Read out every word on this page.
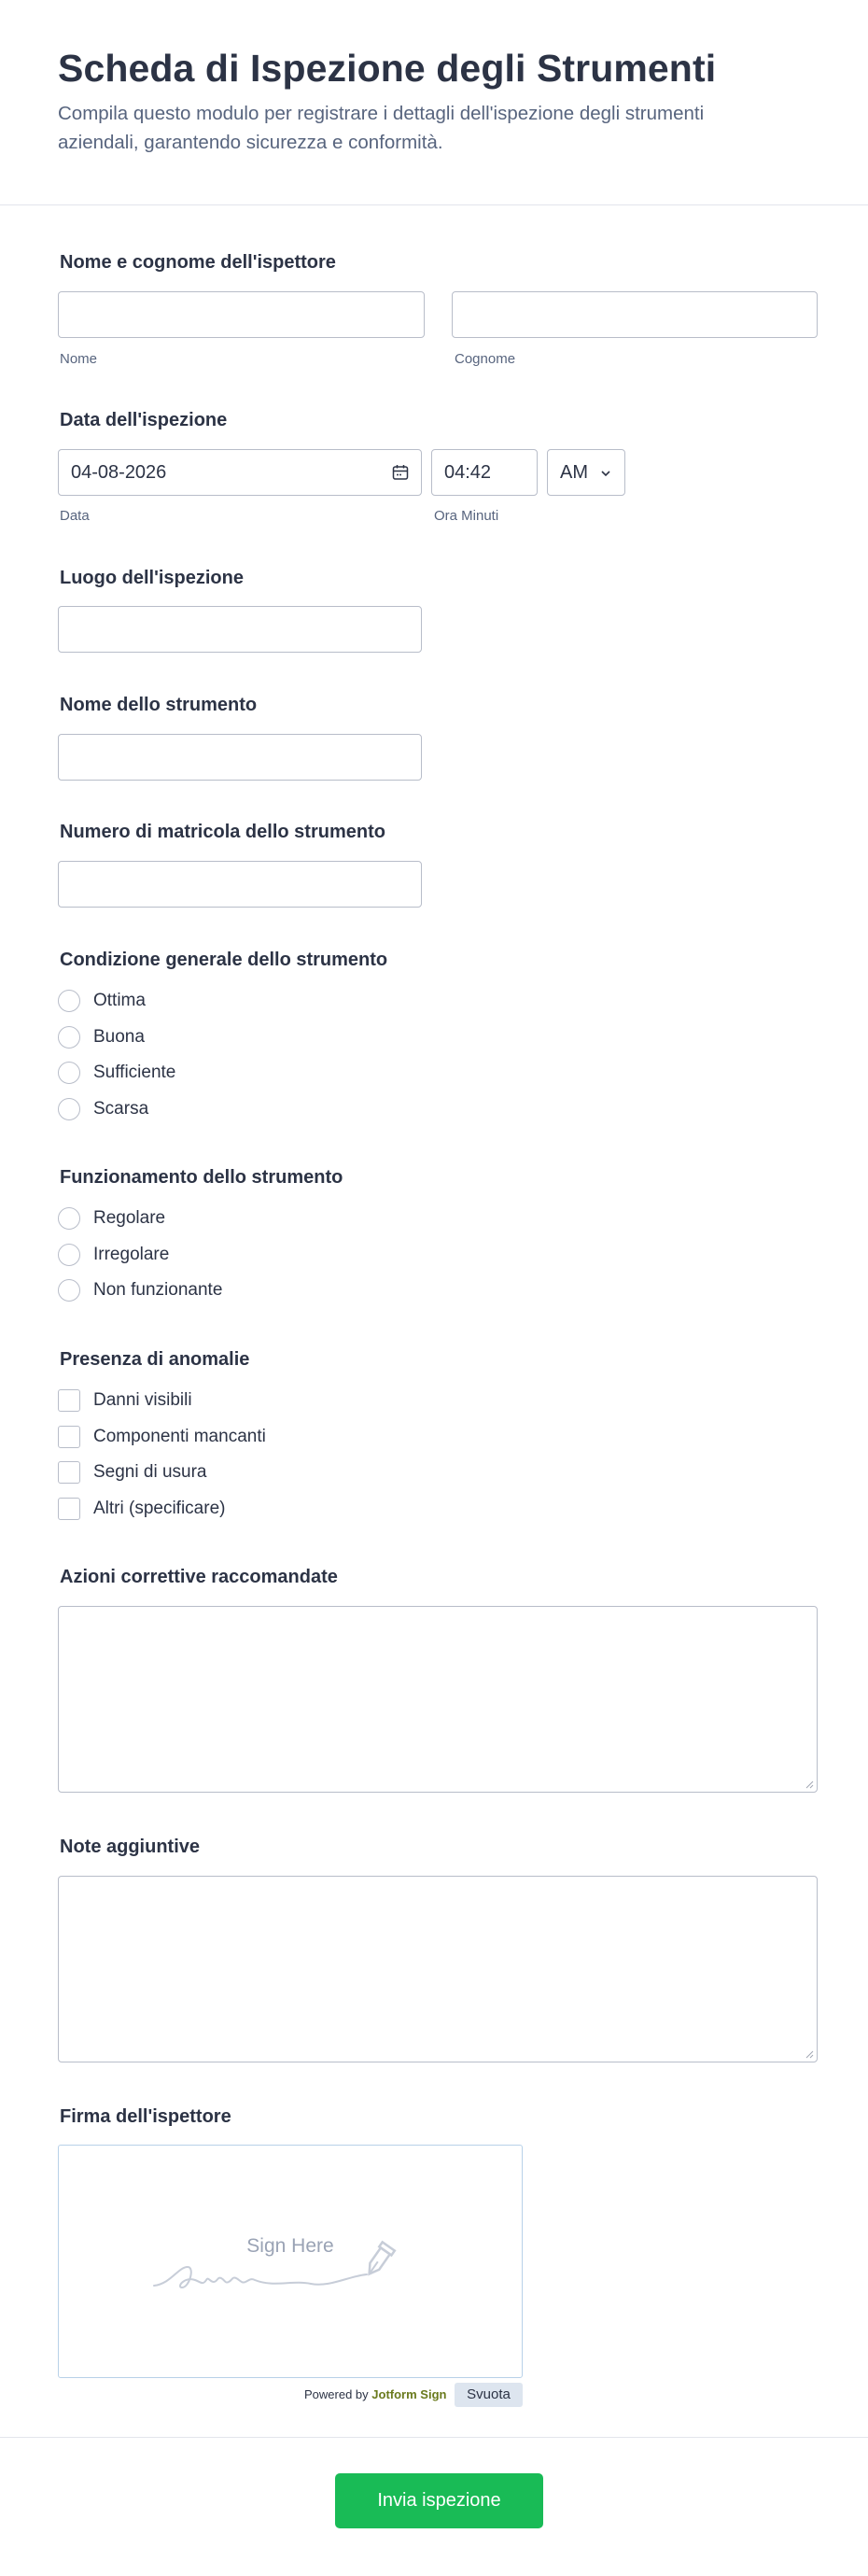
Scheda di Ispezione degli Strumenti

Compila questo modulo per registrare i dettagli dell'ispezione degli strumenti aziendali, garantendo sicurezza e conformità.

Nome e cognome dell'ispettore
Nome	Cognome
Data dell'ispezione
04-08-2026	04:42	AM
Data	Ora Minuti
Luogo dell'ispezione
Nome dello strumento
Numero di matricola dello strumento
Condizione generale dello strumento
Ottima
Buona
Sufficiente
Scarsa
Funzionamento dello strumento
Regolare
Irregolare
Non funzionante
Presenza di anomalie
Danni visibili
Componenti mancanti
Segni di usura
Altri (specificare)
Azioni correttive raccomandate
Note aggiuntive
Firma dell'ispettore
Sign Here
Powered by Jotform Sign	Svuota
Invia ispezione
